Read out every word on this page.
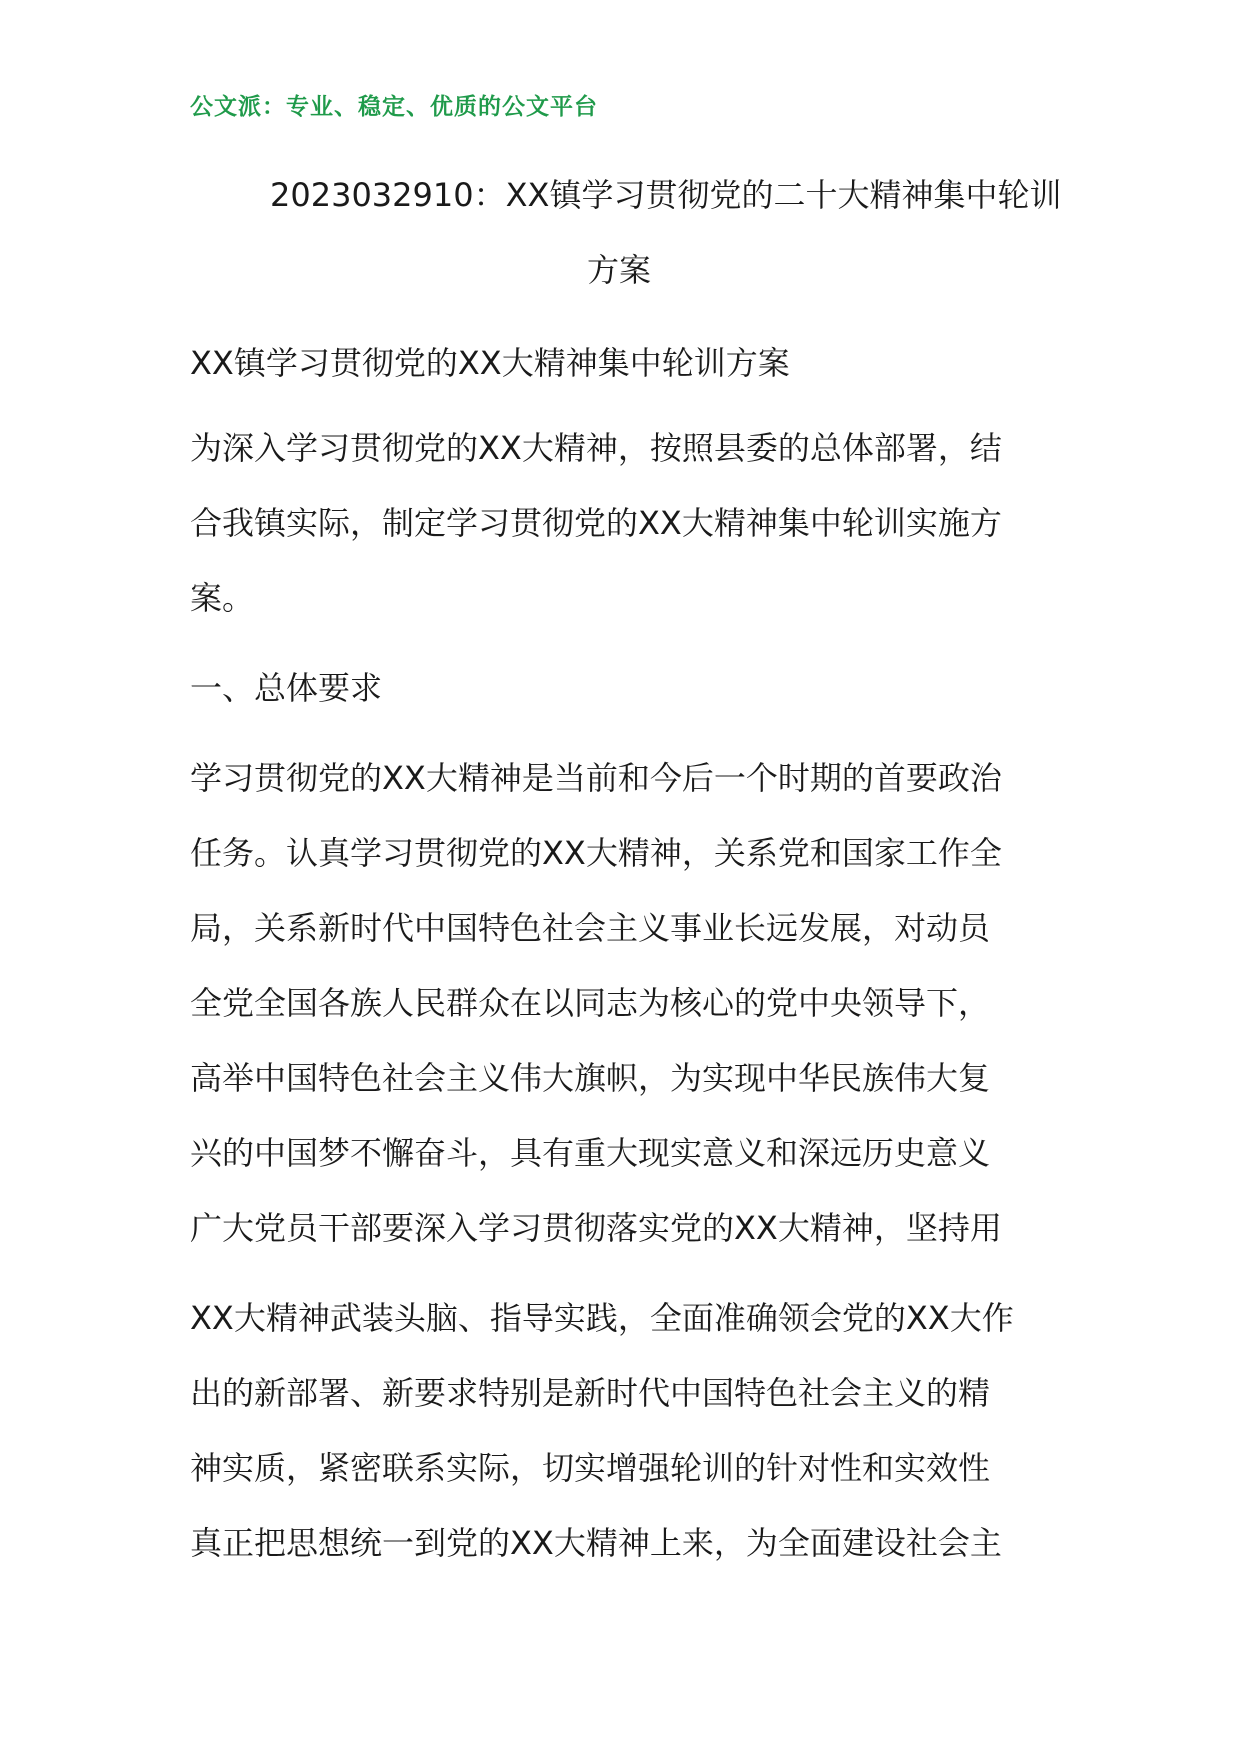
公文派：专业、稳定、优质的公文平台
2023032910：XX镇学习贯彻党的二十大精神集中轮训
方案
XX镇学习贯彻党的XX大精神集中轮训方案
为深入学习贯彻党的XX大精神，按照县委的总体部署，结
合我镇实际，制定学习贯彻党的XX大精神集中轮训实施方
案。
一、总体要求
学习贯彻党的XX大精神是当前和今后一个时期的首要政治
任务。认真学习贯彻党的XX大精神，关系党和国家工作全
局，关系新时代中国特色社会主义事业长远发展，对动员
全党全国各族人民群众在以同志为核心的党中央领导下，
高举中国特色社会主义伟大旗帜，为实现中华民族伟大复
兴的中国梦不懈奋斗，具有重大现实意义和深远历史意义
广大党员干部要深入学习贯彻落实党的XX大精神，坚持用
XX大精神武装头脑、指导实践，全面准确领会党的XX大作
出的新部署、新要求特别是新时代中国特色社会主义的精
神实质，紧密联系实际，切实增强轮训的针对性和实效性
真正把思想统一到党的XX大精神上来，为全面建设社会主
